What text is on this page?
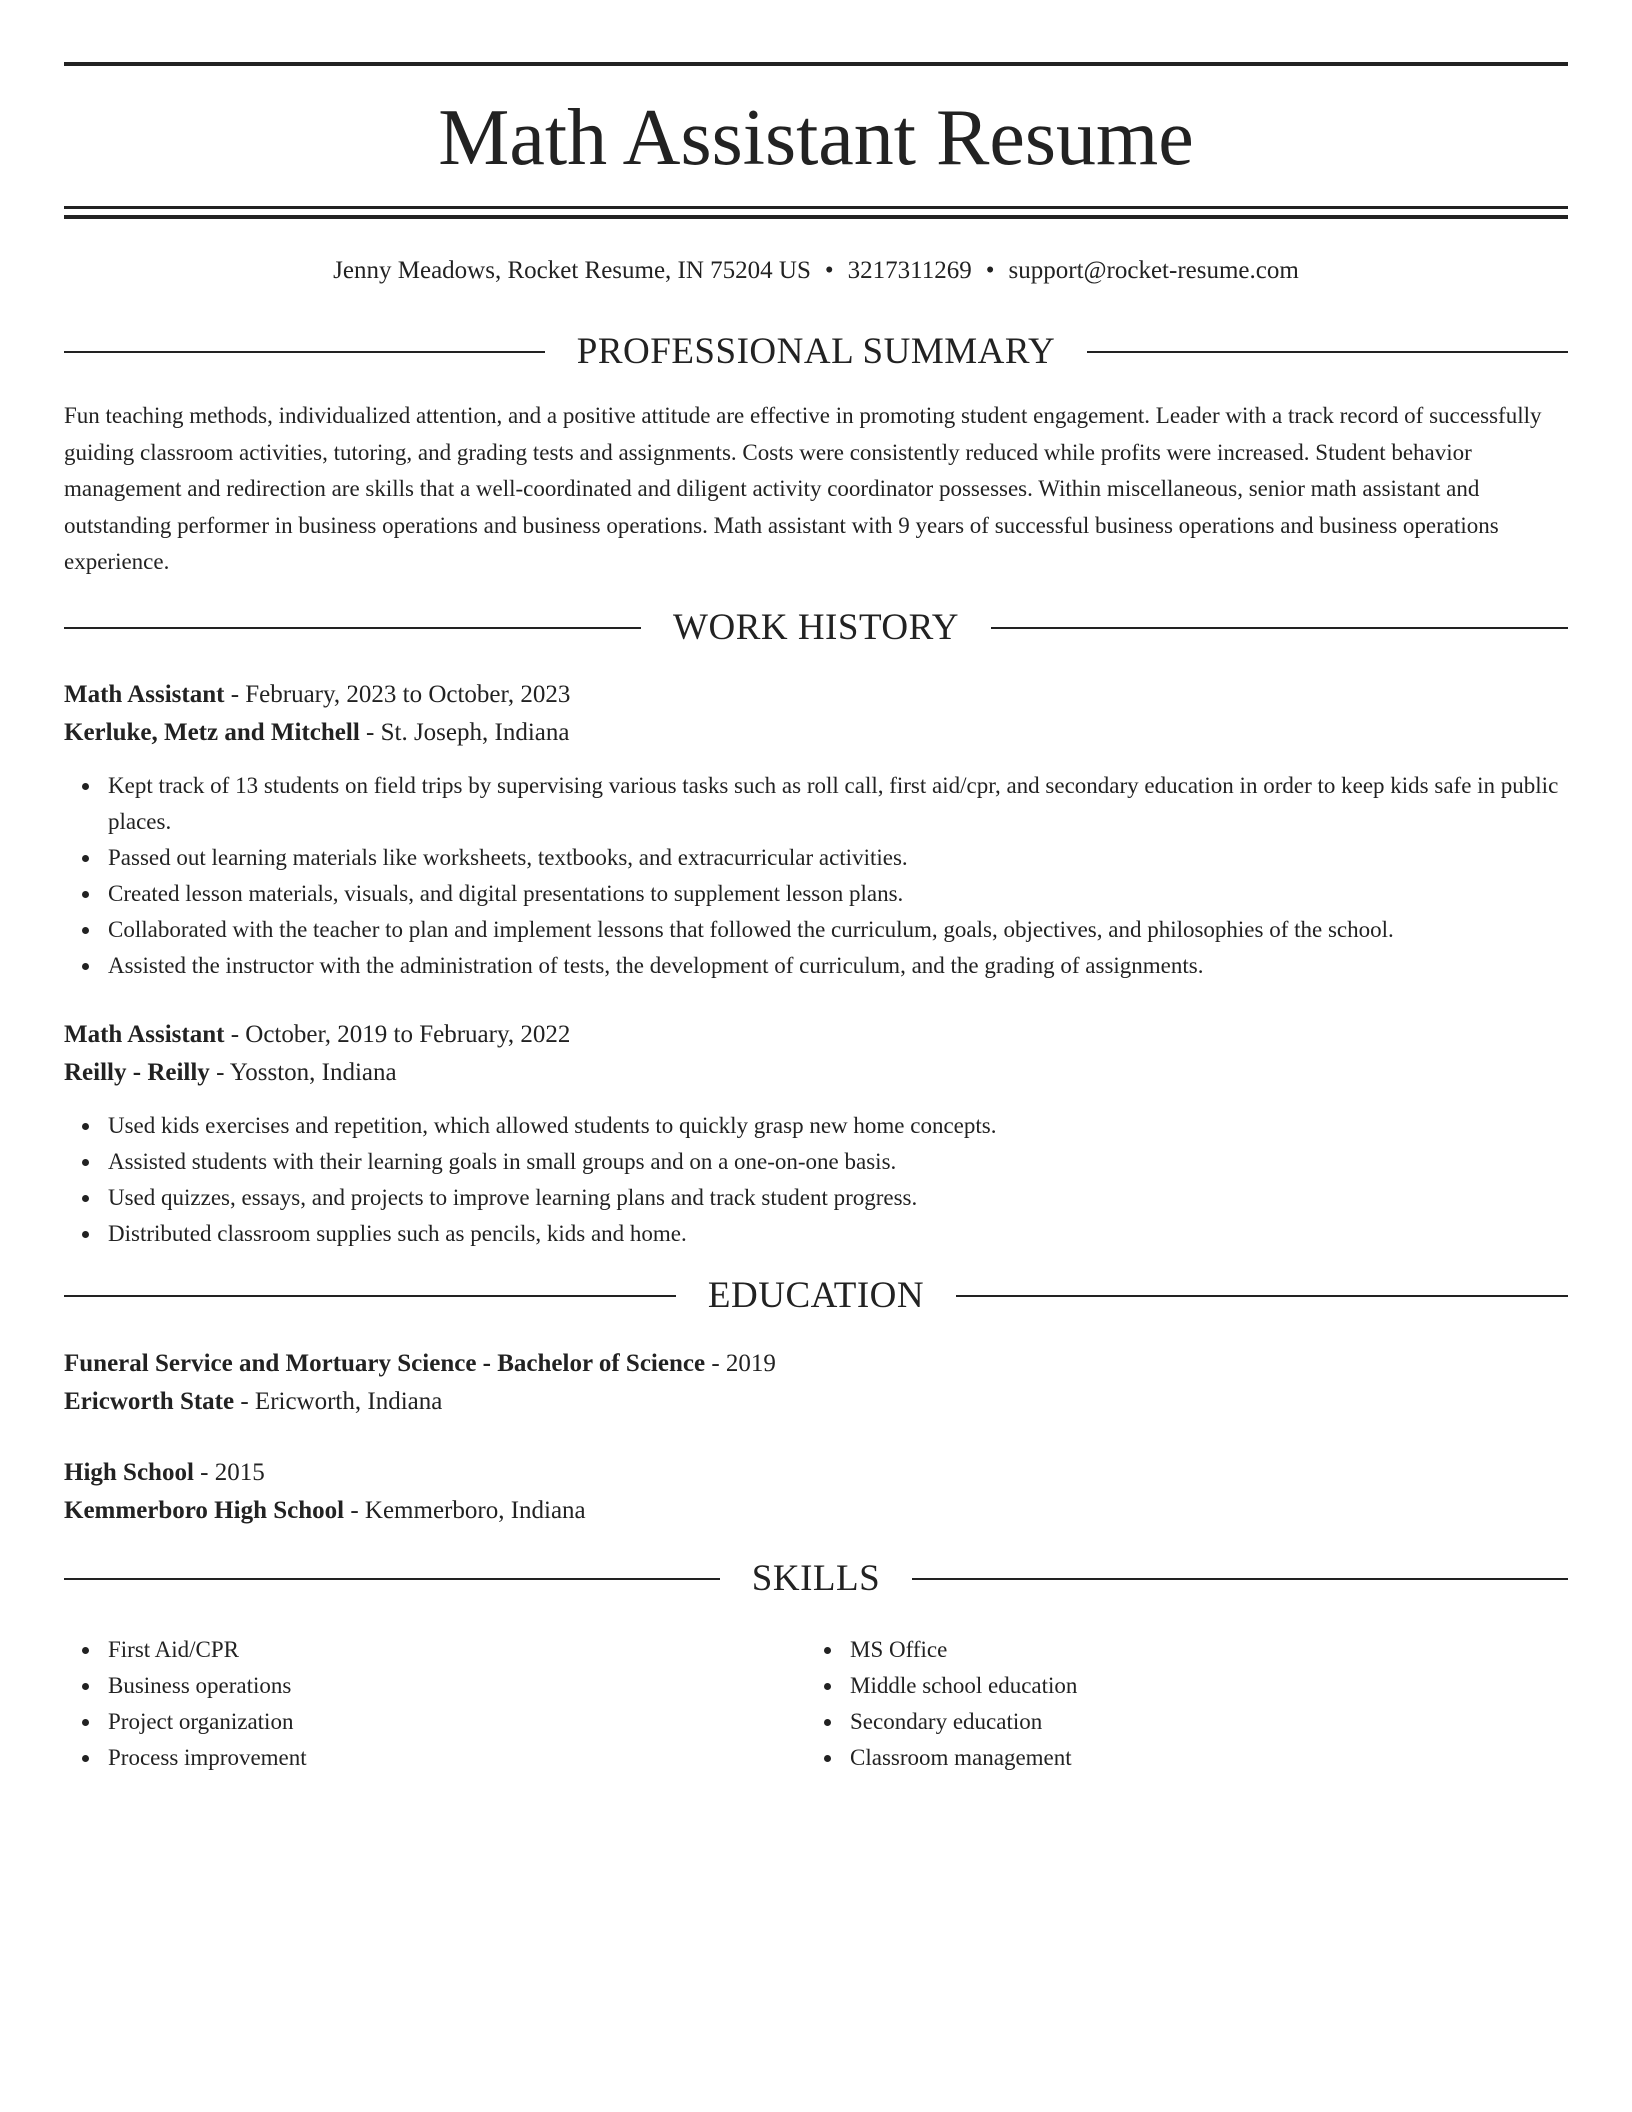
Math Assistant Resume
Jenny Meadows, Rocket Resume, IN 75204 US • 3217311269 • support@rocket-resume.com
PROFESSIONAL SUMMARY

Fun teaching methods, individualized attention, and a positive attitude are effective in promoting student engagement. Leader with a track record of successfully guiding classroom activities, tutoring, and grading tests and assignments. Costs were consistently reduced while profits were increased. Student behavior management and redirection are skills that a well-coordinated and diligent activity coordinator possesses. Within miscellaneous, senior math assistant and outstanding performer in business operations and business operations. Math assistant with 9 years of successful business operations and business operations experience.

WORK HISTORY

Math Assistant - February, 2023 to October, 2023

Kerluke, Metz and Mitchell - St. Joseph, Indiana

Kept track of 13 students on field trips by supervising various tasks such as roll call, first aid/cpr, and secondary education in order to keep kids safe in public places.
Passed out learning materials like worksheets, textbooks, and extracurricular activities.
Created lesson materials, visuals, and digital presentations to supplement lesson plans.
Collaborated with the teacher to plan and implement lessons that followed the curriculum, goals, objectives, and philosophies of the school.
Assisted the instructor with the administration of tests, the development of curriculum, and the grading of assignments.

Math Assistant - October, 2019 to February, 2022

Reilly - Reilly - Yosston, Indiana

Used kids exercises and repetition, which allowed students to quickly grasp new home concepts.
Assisted students with their learning goals in small groups and on a one-on-one basis.
Used quizzes, essays, and projects to improve learning plans and track student progress.
Distributed classroom supplies such as pencils, kids and home.
EDUCATION

Funeral Service and Mortuary Science - Bachelor of Science - 2019

Ericworth State - Ericworth, Indiana

High School - 2015

Kemmerboro High School - Kemmerboro, Indiana

SKILLS
First Aid/CPR
Business operations
Project organization
Process improvement
MS Office
Middle school education
Secondary education
Classroom management
